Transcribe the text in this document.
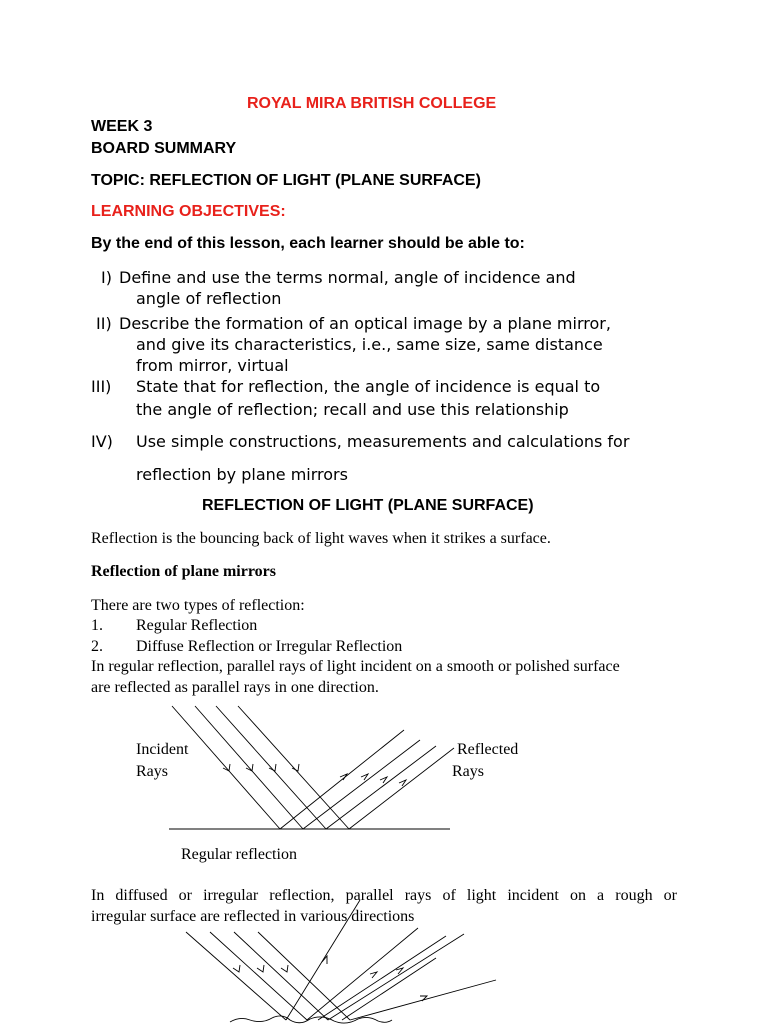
ROYAL MIRA BRITISH COLLEGE
WEEK 3
BOARD SUMMARY
TOPIC: REFLECTION OF LIGHT (PLANE SURFACE)
LEARNING OBJECTIVES:
By the end of this lesson, each learner should be able to:
I) Define and use the terms normal, angle of incidence and
angle of reflection
II) Describe the formation of an optical image by a plane mirror,
and give its characteristics, i.e., same size, same distance
from mirror, virtual
III) State that for reflection, the angle of incidence is equal to
the angle of reflection; recall and use this relationship
IV) Use simple constructions, measurements and calculations for
reflection by plane mirrors
REFLECTION OF LIGHT (PLANE SURFACE)
Reflection is the bouncing back of light waves when it strikes a surface.
Reflection of plane mirrors
There are two types of reflection:
1. Regular Reflection
2. Diffuse Reflection or Irregular Reflection
In regular reflection, parallel rays of light incident on a smooth or polished surface
are reflected as parallel rays in one direction.
Incident
Rays
Reflected
Rays
Regular reflection
In diffused or irregular reflection, parallel rays of light incident on a rough or
irregular surface are reflected in various directions
